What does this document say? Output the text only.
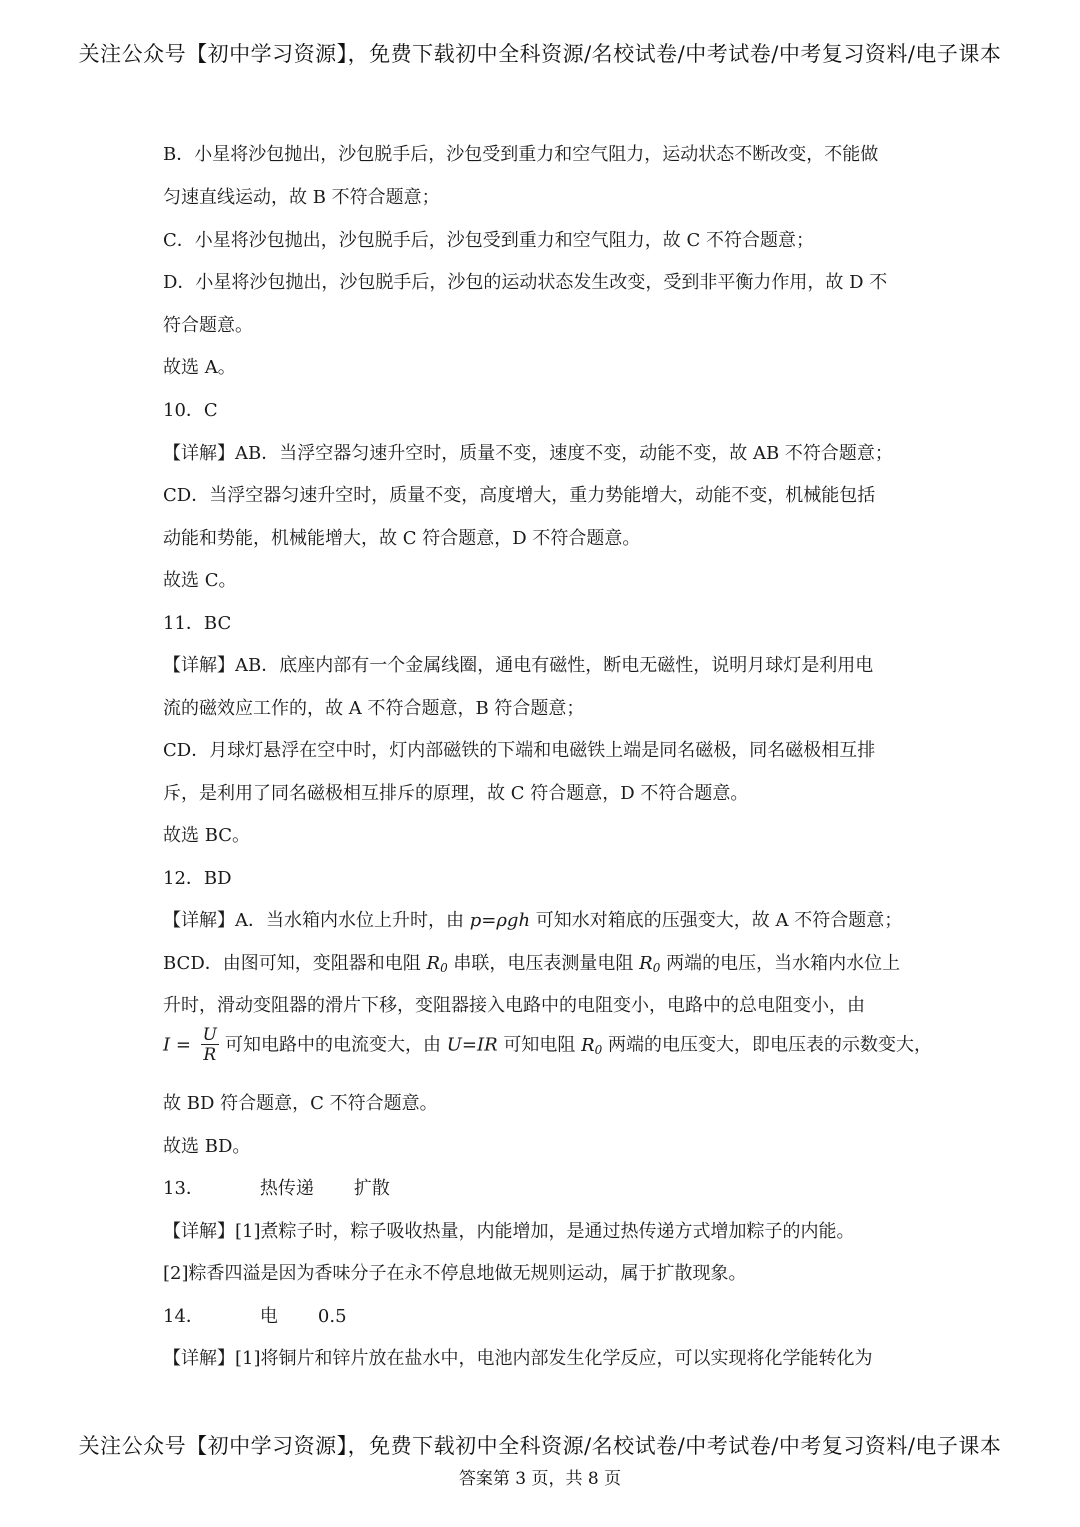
关注公众号【初中学习资源】，免费下载初中全科资源/名校试卷/中考试卷/中考复习资料/电子课本
B．小星将沙包抛出，沙包脱手后，沙包受到重力和空气阻力，运动状态不断改变，不能做
匀速直线运动，故 B 不符合题意；
C．小星将沙包抛出，沙包脱手后，沙包受到重力和空气阻力，故 C 不符合题意；
D．小星将沙包抛出，沙包脱手后，沙包的运动状态发生改变，受到非平衡力作用，故 D 不
符合题意。
故选 A。
10．C
【详解】AB．当浮空器匀速升空时，质量不变，速度不变，动能不变，故 AB 不符合题意；
CD．当浮空器匀速升空时，质量不变，高度增大，重力势能增大，动能不变，机械能包括
动能和势能，机械能增大，故 C 符合题意，D 不符合题意。
故选 C。
11．BC
【详解】AB．底座内部有一个金属线圈，通电有磁性，断电无磁性，说明月球灯是利用电
流的磁效应工作的，故 A 不符合题意，B 符合题意；
CD．月球灯悬浮在空中时，灯内部磁铁的下端和电磁铁上端是同名磁极，同名磁极相互排
斥，是利用了同名磁极相互排斥的原理，故 C 符合题意，D 不符合题意。
故选 BC。
12．BD
【详解】A．当水箱内水位上升时，由 p=ρgh 可知水对箱底的压强变大，故 A 不符合题意；
BCD．由图可知，变阻器和电阻 $R_0$ 串联，电压表测量电阻 $R_0$ 两端的电压，当水箱内水位上
升时，滑动变阻器的滑片下移，变阻器接入电路中的电阻变小，电路中的总电阻变小，由
$I = \frac{U}{R}$ 可知电路中的电流变大，由 U=IR 可知电阻 $R_0$ 两端的电压变大，即电压表的示数变大，
故 BD 符合题意，C 不符合题意。
故选 BD。
13．	热传递 扩散
【详解】[1]煮粽子时，粽子吸收热量，内能增加，是通过热传递方式增加粽子的内能。
[2]粽香四溢是因为香味分子在永不停息地做无规则运动，属于扩散现象。
14．	电 0.5
【详解】[1]将铜片和锌片放在盐水中，电池内部发生化学反应，可以实现将化学能转化为
关注公众号【初中学习资源】，免费下载初中全科资源/名校试卷/中考试卷/中考复习资料/电子课本
答案第 3 页，共 8 页
